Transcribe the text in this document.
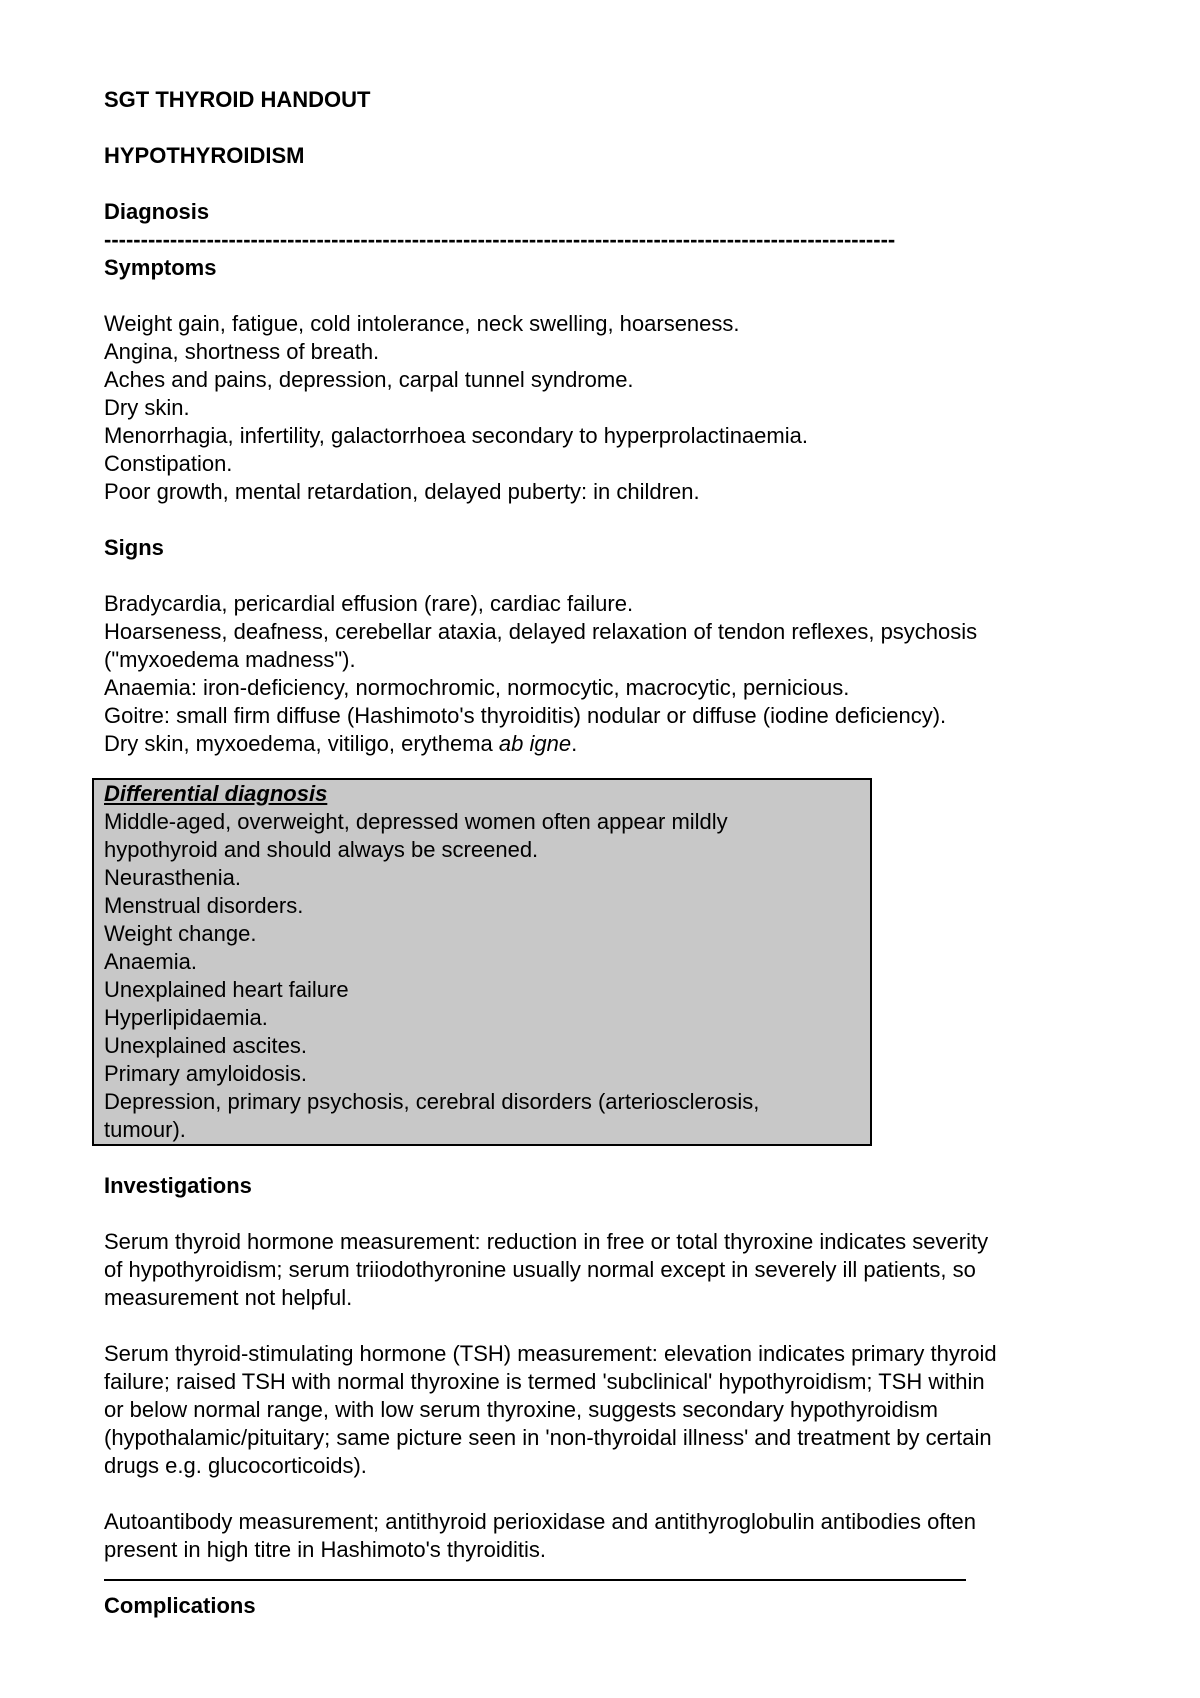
SGT THYROID HANDOUT

HYPOTHYROIDISM

Diagnosis

------------------------------------------------------------------------------------------------------------

Symptoms

Weight gain, fatigue, cold intolerance, neck swelling, hoarseness.
Angina, shortness of breath.
Aches and pains, depression, carpal tunnel syndrome.
Dry skin.
Menorrhagia, infertility, galactorrhoea secondary to hyperprolactinaemia.
Constipation.
Poor growth, mental retardation, delayed puberty: in children.

Signs

Bradycardia, pericardial effusion (rare), cardiac failure.
Hoarseness, deafness, cerebellar ataxia, delayed relaxation of tendon reflexes, psychosis
("myxoedema madness").
Anaemia: iron-deficiency, normochromic, normocytic, macrocytic, pernicious.
Goitre: small firm diffuse (Hashimoto's thyroiditis) nodular or diffuse (iodine deficiency).
Dry skin, myxoedema, vitiligo, erythema ab igne.
Differential diagnosis
Middle-aged, overweight, depressed women often appear mildly
hypothyroid and should always be screened.
Neurasthenia.
Menstrual disorders.
Weight change.
Anaemia.
Unexplained heart failure
Hyperlipidaemia.
Unexplained ascites.
Primary amyloidosis.
Depression, primary psychosis, cerebral disorders (arteriosclerosis,
tumour).

Investigations

Serum thyroid hormone measurement: reduction in free or total thyroxine indicates severity
of hypothyroidism; serum triiodothyronine usually normal except in severely ill patients, so
measurement not helpful.
Serum thyroid-stimulating hormone (TSH) measurement: elevation indicates primary thyroid
failure; raised TSH with normal thyroxine is termed 'subclinical' hypothyroidism; TSH within
or below normal range, with low serum thyroxine, suggests secondary hypothyroidism
(hypothalamic/pituitary; same picture seen in 'non-thyroidal illness' and treatment by certain
drugs e.g. glucocorticoids).
Autoantibody measurement; antithyroid perioxidase and antithyroglobulin antibodies often
present in high titre in Hashimoto's thyroiditis.

Complications
